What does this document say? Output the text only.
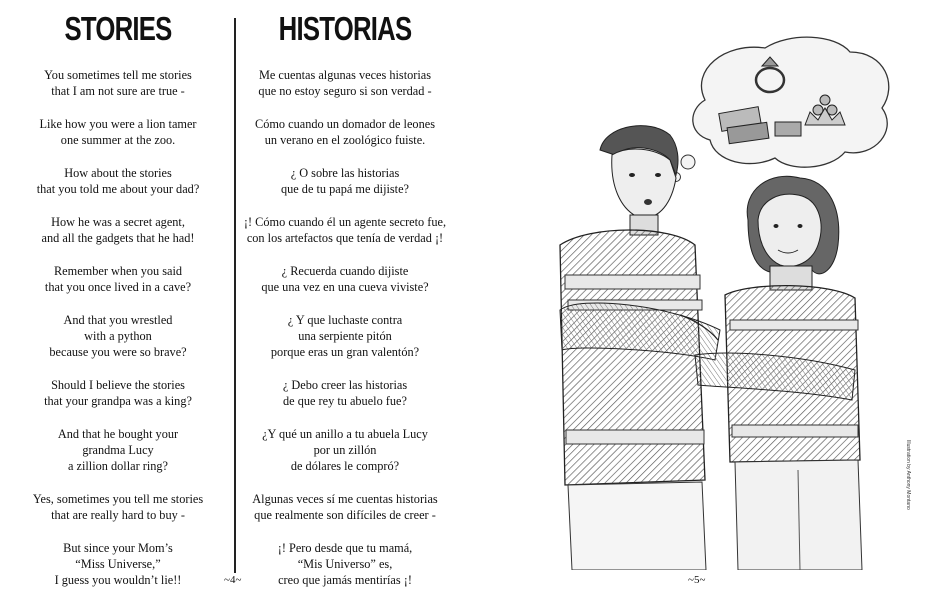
STORIES

You sometimes tell me stories
that I am not sure are true -

Like how you were a lion tamer
one summer at the zoo.

How about the stories
that you told me about your dad?

How he was a secret agent,
and all the gadgets that he had!

Remember when you said
that you once lived in a cave?

And that you wrestled
with a python
because you were so brave?

Should I believe the stories
that your grandpa was a king?

And that he bought your
grandma Lucy
a zillion dollar ring?

Yes, sometimes you tell me stories
that are really hard to buy -

But since your Mom’s
“Miss Universe,”
I guess you wouldn’t lie!!

HISTORIAS

Me cuentas algunas veces historias
que no estoy seguro si son verdad -

Cómo cuando un domador de leones
un verano en el zoológico fuiste.

¿ O sobre las historias
que de tu papá me dijiste?

¡! Cómo cuando él un agente secreto fue,
con los artefactos que tenía de verdad ¡!

¿ Recuerda cuando dijiste
que una vez en una cueva viviste?

¿ Y que luchaste contra
una serpiente pitón
porque eras un gran valentón?

¿ Debo creer las historias
de que rey tu abuelo fue?

¿Y qué un anillo a tu abuela Lucy
por un zillón
de dólares le compró?

Algunas veces sí me cuentas historias
que realmente son difíciles de creer -

¡! Pero desde que tu mamá,
“Mis Universo” es,
creo que jamás mentirías ¡!

~4~	~5~
Illustration by Anthony Montano
